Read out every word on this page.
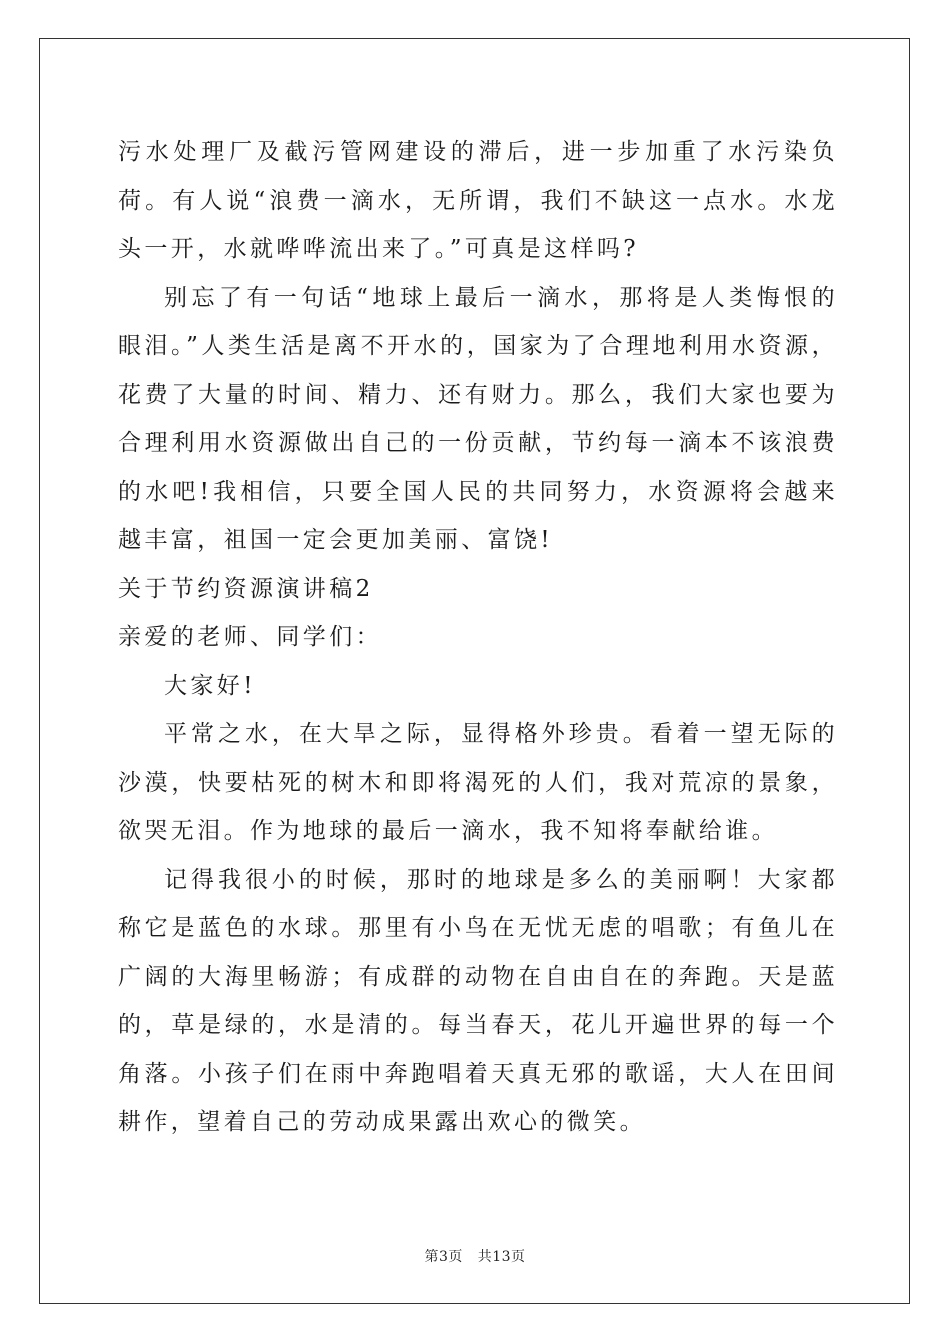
污水处理厂及截污管网建设的滞后，进一步加重了水污染负荷。有人说“浪费一滴水，无所谓，我们不缺这一点水。水龙头一开，水就哗哗流出来了。”可真是这样吗?

别忘了有一句话“地球上最后一滴水，那将是人类悔恨的眼泪。”人类生活是离不开水的，国家为了合理地利用水资源，花费了大量的时间、精力、还有财力。那么，我们大家也要为合理利用水资源做出自己的一份贡献，节约每一滴本不该浪费的水吧!我相信，只要全国人民的共同努力，水资源将会越来越丰富，祖国一定会更加美丽、富饶!

关于节约资源演讲稿2

亲爱的老师、同学们：

大家好!

平常之水，在大旱之际，显得格外珍贵。看着一望无际的沙漠，快要枯死的树木和即将渴死的人们，我对荒凉的景象，欲哭无泪。作为地球的最后一滴水，我不知将奉献给谁。

记得我很小的时候，那时的地球是多么的美丽啊！大家都称它是蓝色的水球。那里有小鸟在无忧无虑的唱歌；有鱼儿在广阔的大海里畅游；有成群的动物在自由自在的奔跑。天是蓝的，草是绿的，水是清的。每当春天，花儿开遍世界的每一个角落。小孩子们在雨中奔跑唱着天真无邪的歌谣，大人在田间耕作，望着自己的劳动成果露出欢心的微笑。

第3页 共13页
